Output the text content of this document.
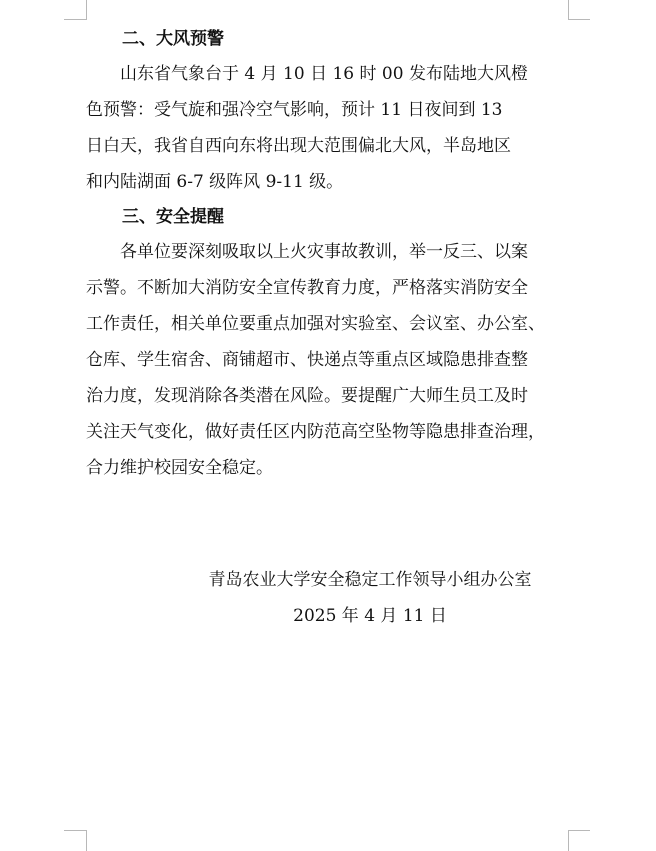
二、大风预警

山东省气象台于 4 月 10 日 16 时 00 发布陆地大风橙
色预警：受气旋和强冷空气影响，预计 11 日夜间到 13
日白天，我省自西向东将出现大范围偏北大风，半岛地区
和内陆湖面 6-7 级阵风 9-11 级。

三、安全提醒

各单位要深刻吸取以上火灾事故教训，举一反三、以案
示警。不断加大消防安全宣传教育力度，严格落实消防安全
工作责任，相关单位要重点加强对实验室、会议室、办公室、
仓库、学生宿舍、商铺超市、快递点等重点区域隐患排查整
治力度，发现消除各类潜在风险。要提醒广大师生员工及时
关注天气变化，做好责任区内防范高空坠物等隐患排查治理，
合力维护校园安全稳定。

青岛农业大学安全稳定工作领导小组办公室
2025 年 4 月 11 日
